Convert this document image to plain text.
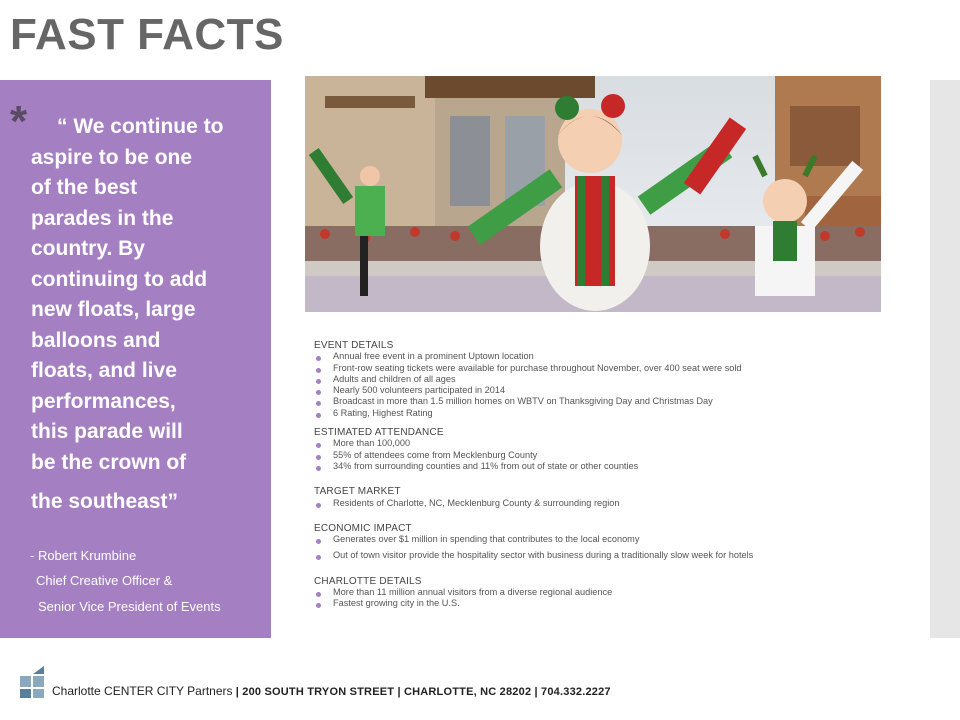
FAST FACTS
*	“ We continue to
aspire to be one
of the best
parades in the
country. By
continuing to add
new floats, large
balloons and
floats, and live
performances,
this parade will
be the crown of
the southeast”
- Robert Krumbine
Chief Creative Officer &
Senior Vice President of Events
EVENT DETAILS
Annual free event in a prominent Uptown location
Front-row seating tickets were available for purchase throughout November, over 400 seat were sold
Adults and children of all ages
Nearly 500 volunteers participated in 2014
Broadcast in more than 1.5 million homes on WBTV on Thanksgiving Day and Christmas Day
6 Rating, Highest Rating
ESTIMATED ATTENDANCE
More than 100,000
55% of attendees come from Mecklenburg County
34% from surrounding counties and 11% from out of state or other counties
TARGET MARKET
Residents of Charlotte, NC, Mecklenburg County & surrounding region
ECONOMIC IMPACT
Generates over $1 million in spending that contributes to the local economy
Out of town visitor provide the hospitality sector with business during a traditionally slow week for hotels
CHARLOTTE DETAILS
More than 11 million annual visitors from a diverse regional audience
Fastest growing city in the U.S.
Charlotte CENTER CITY Partners | 200 SOUTH TRYON STREET | CHARLOTTE, NC 28202 | 704.332.2227
